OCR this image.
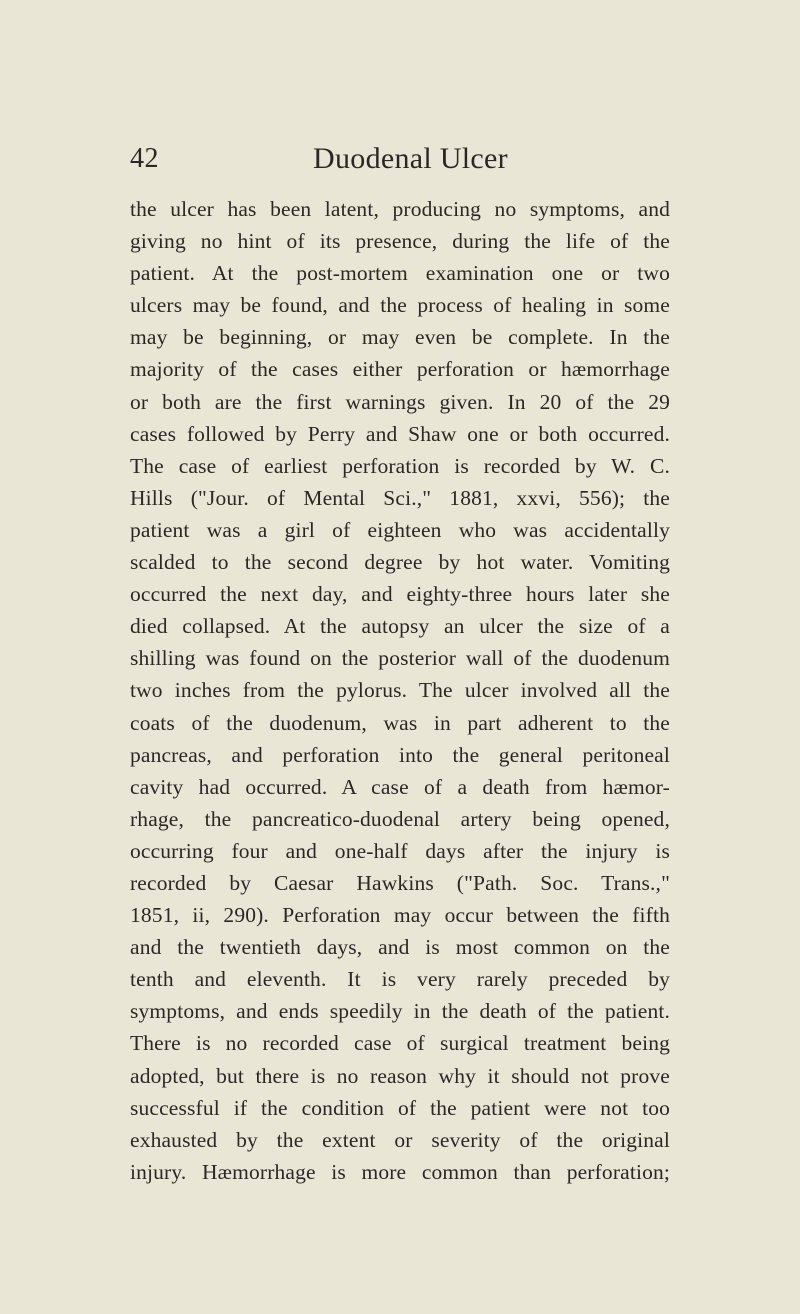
42	Duodenal Ulcer
the ulcer has been latent, producing no symptoms, and
giving no hint of its presence, during the life of the
patient. At the post-mortem examination one or two
ulcers may be found, and the process of healing in some
may be beginning, or may even be complete. In the
majority of the cases either perforation or hæmorrhage
or both are the first warnings given. In 20 of the 29
cases followed by Perry and Shaw one or both occurred.
The case of earliest perforation is recorded by W. C.
Hills ("Jour. of Mental Sci.," 1881, xxvi, 556); the
patient was a girl of eighteen who was accidentally
scalded to the second degree by hot water. Vomiting
occurred the next day, and eighty-three hours later she
died collapsed. At the autopsy an ulcer the size of a
shilling was found on the posterior wall of the duodenum
two inches from the pylorus. The ulcer involved all the
coats of the duodenum, was in part adherent to the
pancreas, and perforation into the general peritoneal
cavity had occurred. A case of a death from hæmor-
rhage, the pancreatico-duodenal artery being opened,
occurring four and one-half days after the injury is
recorded by Caesar Hawkins ("Path. Soc. Trans.,"
1851, ii, 290). Perforation may occur between the fifth
and the twentieth days, and is most common on the
tenth and eleventh. It is very rarely preceded by
symptoms, and ends speedily in the death of the patient.
There is no recorded case of surgical treatment being
adopted, but there is no reason why it should not prove
successful if the condition of the patient were not too
exhausted by the extent or severity of the original
injury. Hæmorrhage is more common than perforation;
